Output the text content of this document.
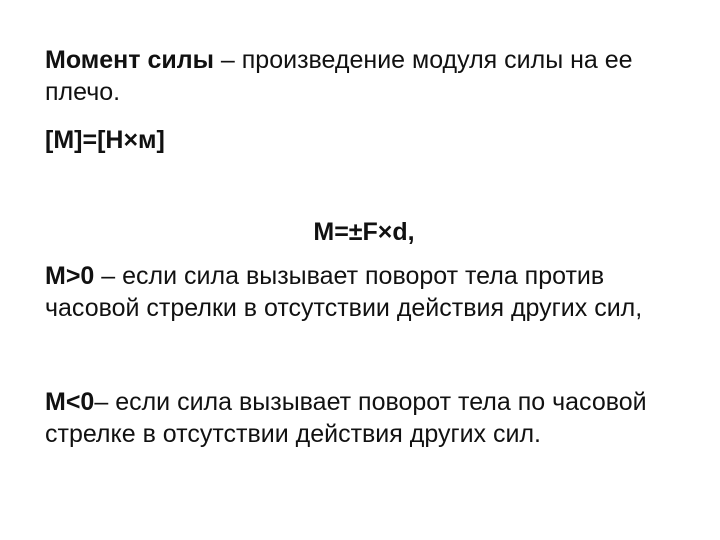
Момент силы – произведение модуля силы на ее плечо.
[M]=[H×м]
M=±F×d,
M>0 – если сила вызывает поворот тела против часовой стрелки в отсутствии действия других сил,
M<0– если сила вызывает поворот тела по часовой стрелке в отсутствии действия других сил.
